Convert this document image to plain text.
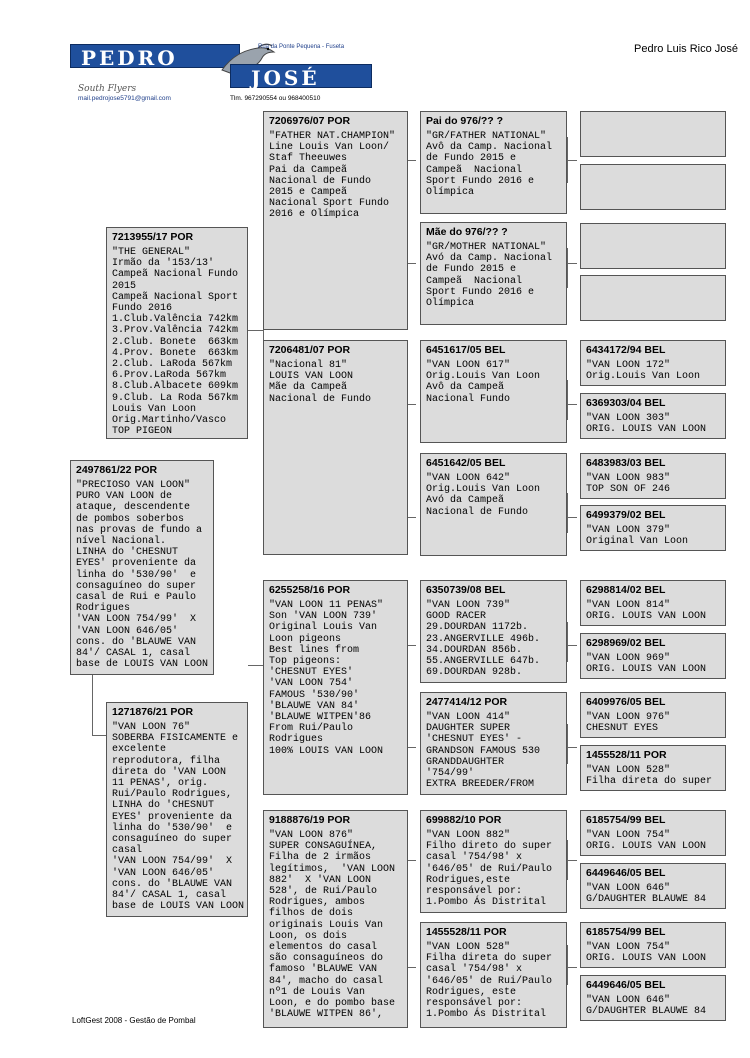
PEDRO
JOSÉ
Rua da Ponte Pequena - Fuseta
South Flyers
mail.pedrojose5791@gmail.com	Tlm. 967290554 ou 968400510
Pedro Luis Rico José
2497861/22 POR
"PRECIOSO VAN LOON"
PURO VAN LOON de
ataque, descendente
de pombos soberbos
nas provas de fundo a
nível Nacional.
LINHA do 'CHESNUT
EYES' proveniente da
linha do '530/90'  e
consaguíneo do super
casal de Rui e Paulo
Rodrigues
'VAN LOON 754/99'  X
'VAN LOON 646/05'
cons. do 'BLAUWE VAN
84'/ CASAL 1, casal
base de LOUIS VAN LOON
7213955/17 POR
"THE GENERAL"
Irmão da '153/13'
Campeã Nacional Fundo
2015
Campeã Nacional Sport
Fundo 2016
1.Club.Valência 742km
3.Prov.Valência 742km
2.Club. Bonete  663km
4.Prov. Bonete  663km
2.Club. LaRoda 567km
6.Prov.LaRoda 567km
8.Club.Albacete 609km
9.Club. La Roda 567km
Louis Van Loon
Orig.Martinho/Vasco
TOP PIGEON
1271876/21 POR
"VAN LOON 76"
SOBERBA FISICAMENTE e
excelente
reprodutora, filha
direta do 'VAN LOON
11 PENAS', orig.
Rui/Paulo Rodrigues,
LINHA do 'CHESNUT
EYES' proveniente da
linha do '530/90'  e
consaguíneo do super
casal
'VAN LOON 754/99'  X
'VAN LOON 646/05'
cons. do 'BLAUWE VAN
84'/ CASAL 1, casal
base de LOUIS VAN LOON
7206976/07 POR
"FATHER NAT.CHAMPION"
Line Louis Van Loon/
Staf Theeuwes
Pai da Campeã
Nacional de Fundo
2015 e Campeã
Nacional Sport Fundo
2016 e Olímpica
7206481/07 POR
"Nacional 81"
LOUIS VAN LOON
Mãe da Campeã
Nacional de Fundo
6255258/16 POR
"VAN LOON 11 PENAS"
Son 'VAN LOON 739'
Original Louis Van
Loon pigeons
Best lines from
Top pigeons:
'CHESNUT EYES'
'VAN LOON 754'
FAMOUS '530/90'
'BLAUWE VAN 84'
'BLAUWE WITPEN'86
From Rui/Paulo
Rodrigues
100% LOUIS VAN LOON
9188876/19 POR
"VAN LOON 876"
SUPER CONSAGUÍNEA,
Filha de 2 irmãos
legítimos,  'VAN LOON
882'  X 'VAN LOON
528', de Rui/Paulo
Rodrigues, ambos
filhos de dois
originais Louis Van
Loon, os dois
elementos do casal
são consaguíneos do
famoso 'BLAUWE VAN
84', macho do casal
nº1 de Louis Van
Loon, e do pombo base
'BLAUWE WITPEN 86',
Pai do 976/?? ?
"GR/FATHER NATIONAL"
Avô da Camp. Nacional
de Fundo 2015 e
Campeã  Nacional
Sport Fundo 2016 e
Olímpica
Mãe do 976/?? ?
"GR/MOTHER NATIONAL"
Avó da Camp. Nacional
de Fundo 2015 e
Campeã  Nacional
Sport Fundo 2016 e
Olímpica
6451617/05 BEL
"VAN LOON 617"
Orig.Louis Van Loon
Avô da Campeã
Nacional Fundo
6451642/05 BEL
"VAN LOON 642"
Orig.Louis Van Loon
Avó da Campeã
Nacional de Fundo
6350739/08 BEL
"VAN LOON 739"
GOOD RACER
29.DOURDAN 1172b.
23.ANGERVILLE 496b.
34.DOURDAN 856b.
55.ANGERVILLE 647b.
69.DOURDAN 928b.
2477414/12 POR
"VAN LOON 414"
DAUGHTER SUPER
'CHESNUT EYES' -
GRANDSON FAMOUS 530
GRANDDAUGHTER
'754/99'
EXTRA BREEDER/FROM
699882/10 POR
"VAN LOON 882"
Filho direto do super
casal '754/98' x
'646/05' de Rui/Paulo
Rodrigues,este
responsável por:
1.Pombo Ás Distrital
1455528/11 POR
"VAN LOON 528"
Filha direta do super
casal '754/98' x
'646/05' de Rui/Paulo
Rodrigues, este
responsável por:
1.Pombo Ás Distrital
6434172/94 BEL
"VAN LOON 172"
Orig.Louis Van Loon
6369303/04 BEL
"VAN LOON 303"
ORIG. LOUIS VAN LOON
6483983/03 BEL
"VAN LOON 983"
TOP SON OF 246
6499379/02 BEL
"VAN LOON 379"
Original Van Loon
6298814/02 BEL
"VAN LOON 814"
ORIG. LOUIS VAN LOON
6298969/02 BEL
"VAN LOON 969"
ORIG. LOUIS VAN LOON
6409976/05 BEL
"VAN LOON 976"
CHESNUT EYES
1455528/11 POR
"VAN LOON 528"
Filha direta do super
6185754/99 BEL
"VAN LOON 754"
ORIG. LOUIS VAN LOON
6449646/05 BEL
"VAN LOON 646"
G/DAUGHTER BLAUWE 84
6185754/99 BEL
"VAN LOON 754"
ORIG. LOUIS VAN LOON
6449646/05 BEL
"VAN LOON 646"
G/DAUGHTER BLAUWE 84
LoftGest 2008 - Gestão de Pombal
